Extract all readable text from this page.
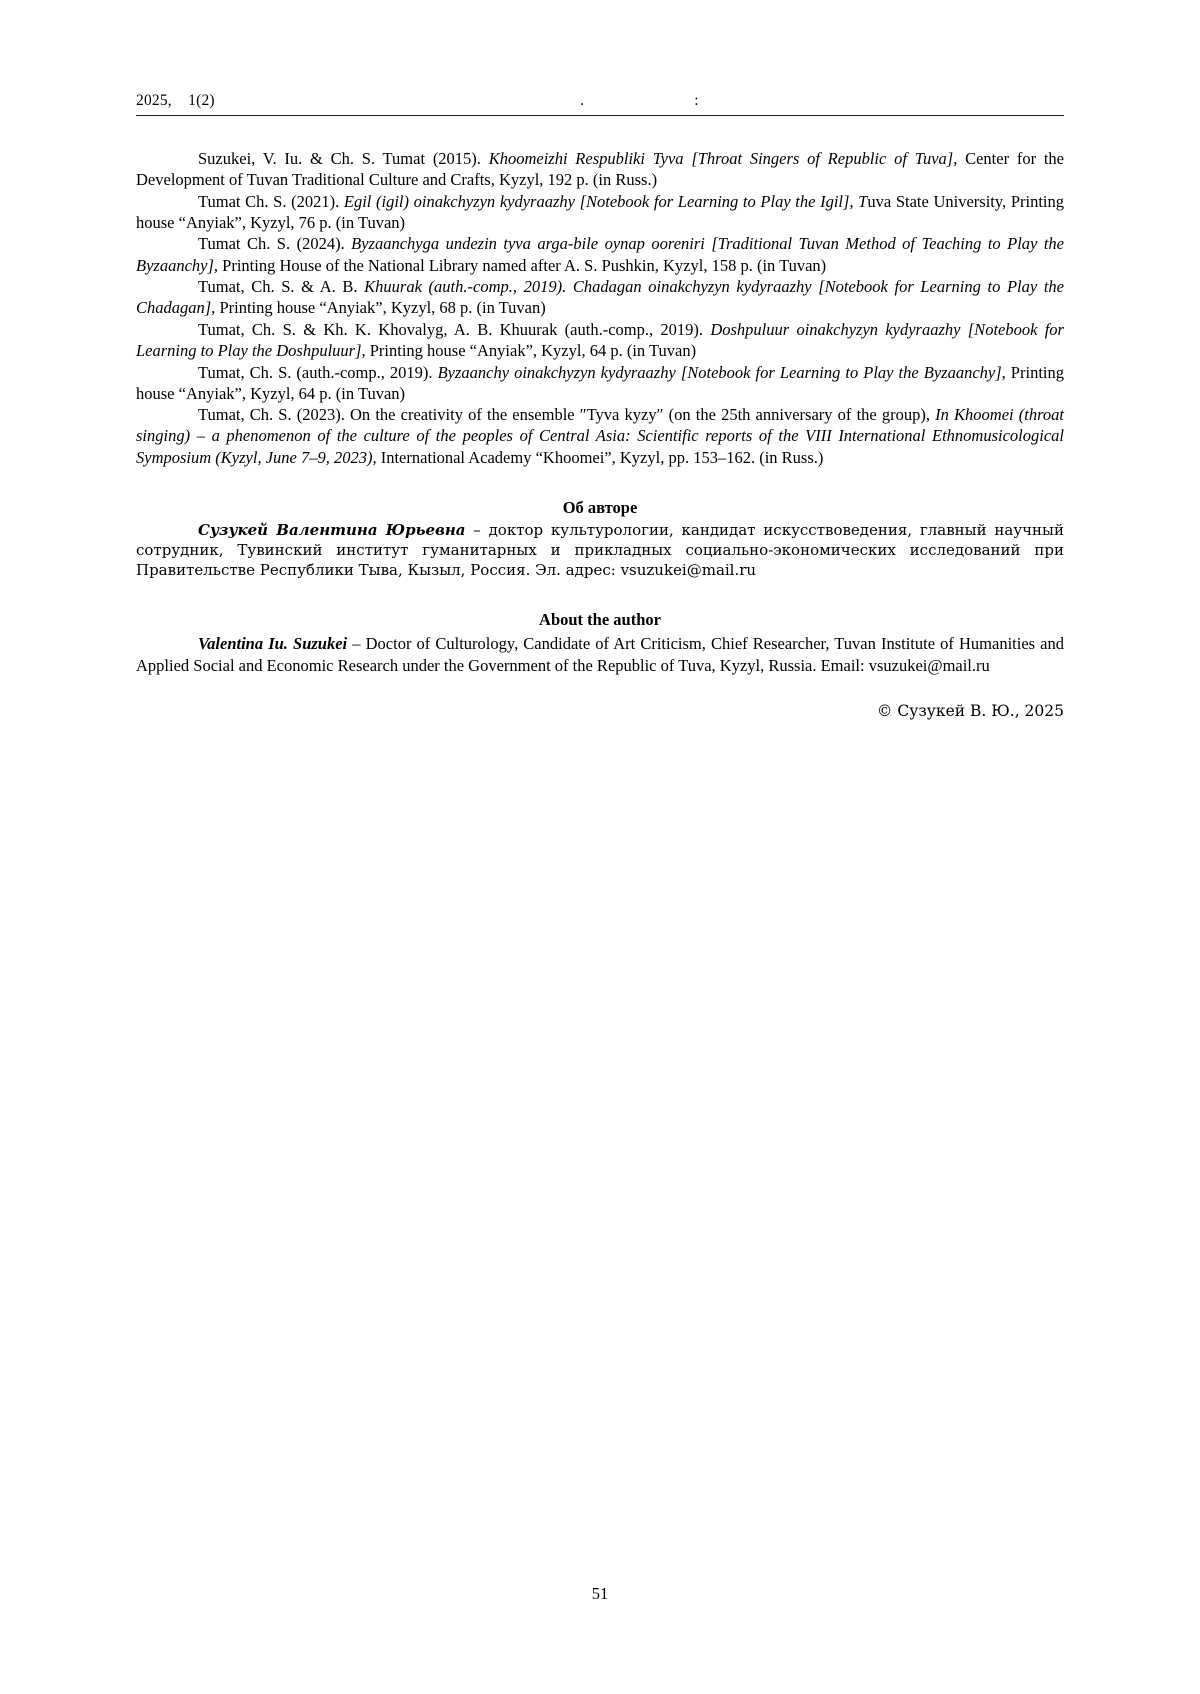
2025,    1(2)	.                           :

Suzukei, V. Iu. & Ch. S. Tumat (2015). Khoomeizhi Respubliki Tyva [Throat Singers of Republic of Tuva], Center for the Development of Tuvan Traditional Culture and Crafts, Kyzyl, 192 p. (in Russ.)

Tumat Ch. S. (2021). Egil (igil) oinakchyzyn kydyraazhy [Notebook for Learning to Play the Igil], Tuva State University, Printing house “Anyiak”, Kyzyl, 76 p. (in Tuvan)

Tumat Ch. S. (2024). Byzaanchyga undezin tyva arga-bile oynap ooreniri [Traditional Tuvan Method of Teaching to Play the Byzaanchy], Printing House of the National Library named after A. S. Pushkin, Kyzyl, 158 p. (in Tuvan)

Tumat, Ch. S. & A. B. Khuurak (auth.-comp., 2019). Chadagan oinakchyzyn kydyraazhy [Notebook for Learning to Play the Chadagan], Printing house “Anyiak”, Kyzyl, 68 p. (in Tuvan)

Tumat, Ch. S. & Kh. K. Khovalyg, A. B. Khuurak (auth.-comp., 2019). Doshpuluur oinakchyzyn kydyraazhy [Notebook for Learning to Play the Doshpuluur], Printing house “Anyiak”, Kyzyl, 64 p. (in Tuvan)

Tumat, Ch. S. (auth.-comp., 2019). Byzaanchy oinakchyzyn kydyraazhy [Notebook for Learning to Play the Byzaanchy], Printing house “Anyiak”, Kyzyl, 64 p. (in Tuvan)

Tumat, Ch. S. (2023). On the creativity of the ensemble ″Tyva kyzy″ (on the 25th anniversary of the group), In Khoomei (throat singing) – a phenomenon of the culture of the peoples of Central Asia: Scientific reports of the VIII International Ethnomusicological Symposium (Kyzyl, June 7–9, 2023), International Academy “Khoomei”, Kyzyl, pp. 153–162. (in Russ.)

Об авторе

Сузукей Валентина Юрьевна – доктор культурологии, кандидат искусствоведения, главный научный сотрудник, Тувинский институт гуманитарных и прикладных социально-экономических исследований при Правительстве Республики Тыва, Кызыл, Россия. Эл. адрес: vsuzukei@mail.ru

About the author

Valentina Iu. Suzukei – Doctor of Culturology, Candidate of Art Criticism, Chief Researcher, Tuvan Institute of Humanities and Applied Social and Economic Research under the Government of the Republic of Tuva, Kyzyl, Russia. Email: vsuzukei@mail.ru

© Сузукей В. Ю., 2025
51
